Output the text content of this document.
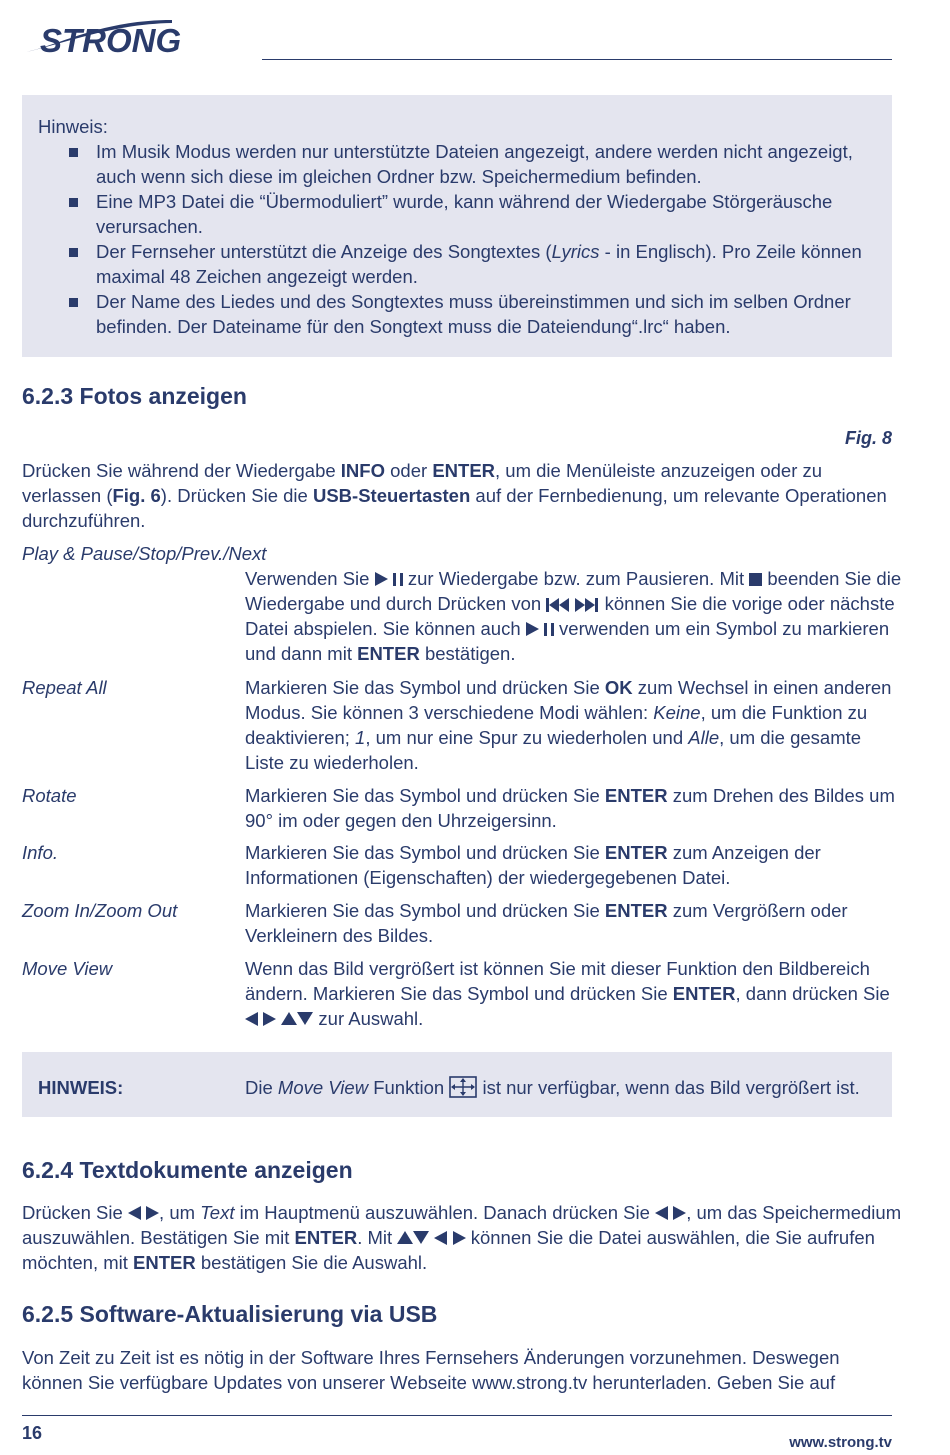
STRONG
Hinweis:
Im Musik Modus werden nur unterstützte Dateien angezeigt, andere werden nicht angezeigt, auch wenn sich diese im gleichen Ordner bzw. Speichermedium befinden.
Eine MP3 Datei die “Übermoduliert” wurde, kann während der Wiedergabe Störgeräusche verursachen.
Der Fernseher unterstützt die Anzeige des Songtextes (Lyrics - in Englisch). Pro Zeile können maximal 48 Zeichen angezeigt werden.
Der Name des Liedes und des Songtextes muss übereinstimmen und sich im selben Ordner befinden. Der Dateiname für den Songtext muss die Dateiendung“.lrc“ haben.
6.2.3 Fotos anzeigen
Fig. 8
Drücken Sie während der Wiedergabe INFO oder ENTER, um die Menüleiste anzuzeigen oder zu verlassen (Fig. 6). Drücken Sie die USB-Steuertasten auf der Fernbedienung, um relevante Operationen durchzuführen.
Play & Pause/Stop/Prev./Next
Verwenden Sie   zur Wiedergabe bzw. zum Pausieren. Mit  beenden Sie die Wiedergabe und durch Drücken von	können Sie die vorige oder nächste Datei abspielen. Sie können auch   verwenden um ein Symbol zu markieren und dann mit ENTER bestätigen.
Repeat All	Markieren Sie das Symbol und drücken Sie OK zum Wechsel in einen anderen Modus. Sie können 3 verschiedene Modi wählen: Keine, um die Funktion zu deaktivieren; 1, um nur eine Spur zu wiederholen und Alle, um die gesamte Liste zu wiederholen.
Rotate	Markieren Sie das Symbol und drücken Sie ENTER zum Drehen des Bildes um 90° im oder gegen den Uhrzeigersinn.
Info.	Markieren Sie das Symbol und drücken Sie ENTER zum Anzeigen der Informationen (Eigenschaften) der wiedergegebenen Datei.
Zoom In/Zoom Out	Markieren Sie das Symbol und drücken Sie ENTER zum Vergrößern oder Verkleinern des Bildes.
Move View	Wenn das Bild vergrößert ist können Sie mit dieser Funktion den Bildbereich ändern. Markieren Sie das Symbol und drücken Sie ENTER, dann drücken Sie    zur Auswahl.
HINWEIS:	Die Move View Funktion  ist nur verfügbar, wenn das Bild vergrößert ist.
6.2.4 Textdokumente anzeigen
Drücken Sie  , um Text im Hauptmenü auszuwählen. Danach drücken Sie  , um das Speichermedium auszuwählen. Bestätigen Sie mit ENTER. Mit	können Sie die Datei auswählen, die Sie aufrufen möchten, mit ENTER bestätigen Sie die Auswahl.
6.2.5 Software-Aktualisierung via USB
Von Zeit zu Zeit ist es nötig in der Software Ihres Fernsehers Änderungen vorzunehmen. Deswegen können Sie verfügbare Updates von unserer Webseite www.strong.tv herunterladen. Geben Sie auf
16	www.strong.tv
